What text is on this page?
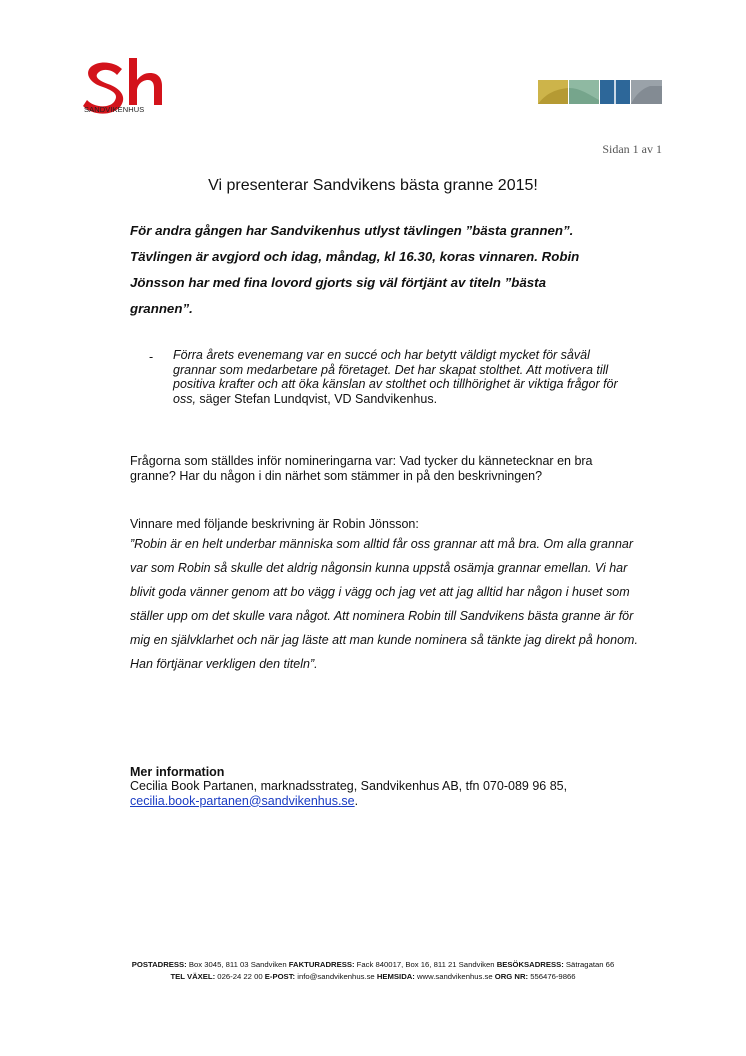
SANDVIKENHUS
Sidan 1 av 1
Vi presenterar Sandvikens bästa granne 2015!
För andra gången har Sandvikenhus utlyst tävlingen ”bästa grannen”. Tävlingen är avgjord och idag, måndag, kl 16.30, koras vinnaren. Robin Jönsson har med fina lovord gjorts sig väl förtjänt av titeln ”bästa grannen”.
- Förra årets evenemang var en succé och har betytt väldigt mycket för såväl grannar som medarbetare på företaget. Det har skapat stolthet. Att motivera till positiva krafter och att öka känslan av stolthet och tillhörighet är viktiga frågor för oss, säger Stefan Lundqvist, VD Sandvikenhus.
Frågorna som ställdes inför nomineringarna var: Vad tycker du kännetecknar en bra granne? Har du någon i din närhet som stämmer in på den beskrivningen?
Vinnare med följande beskrivning är Robin Jönsson:
”Robin är en helt underbar människa som alltid får oss grannar att må bra. Om alla grannar var som Robin så skulle det aldrig någonsin kunna uppstå osämja grannar emellan. Vi har blivit goda vänner genom att bo vägg i vägg och jag vet att jag alltid har någon i huset som ställer upp om det skulle vara något. Att nominera Robin till Sandvikens bästa granne är för mig en självklarhet och när jag läste att man kunde nominera så tänkte jag direkt på honom. Han förtjänar verkligen den titeln”.
Mer information
Cecilia Book Partanen, marknadsstrateg, Sandvikenhus AB, tfn 070-089 96 85,
cecilia.book-partanen@sandvikenhus.se.
POSTADRESS: Box 3045, 811 03 Sandviken FAKTURADRESS: Fack 840017, Box 16, 811 21 Sandviken BESÖKSADRESS: Sätragatan 66
TEL VÄXEL: 026-24 22 00 E-POST: info@sandvikenhus.se HEMSIDA: www.sandvikenhus.se ORG NR: 556476-9866
